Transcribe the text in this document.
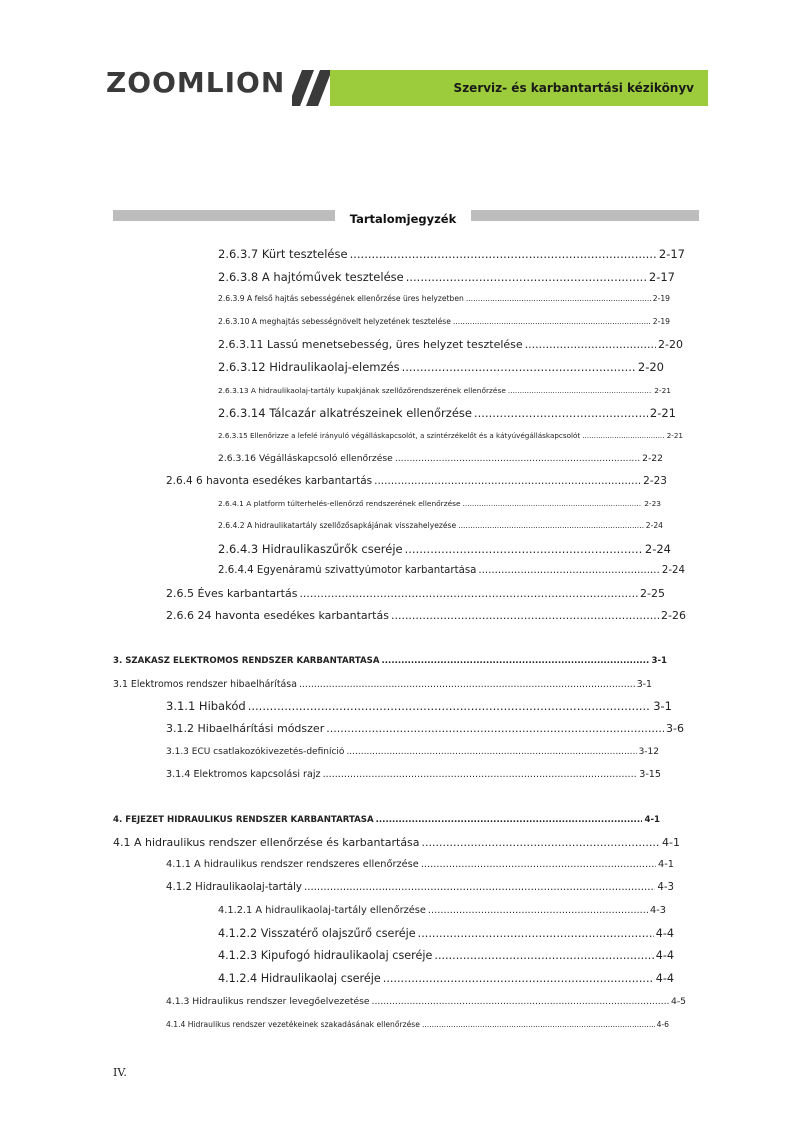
ZOOMLION	Szerviz- és karbantartási kézikönyv
Tartalomjegyzék
2.6.3.7 Kürt tesztelése .....	2-17
2.6.3.8 A hajtóművek tesztelése .....	2-17
2.6.3.9 A felső hajtás sebességének ellenőrzése üres helyzetben .....	2-19
2.6.3.10 A meghajtás sebességnövelt helyzetének tesztelése .....	2-19
2.6.3.11 Lassú menetsebesség, üres helyzet tesztelése .....	2-20
2.6.3.12 Hidraulikaolaj-elemzés .....	2-20
2.6.3.13 A hidraulikaolaj-tartály kupakjának szellőzőrendszerének ellenőrzése .....	2-21
2.6.3.14 Tálcazár alkatrészeinek ellenőrzése .....	2-21
2.6.3.15 Ellenőrizze a lefelé irányuló végálláskapcsolót, a szintérzékelőt és a kátyúvégálláskapcsolót .....	2-21
2.6.3.16 Végálláskapcsoló ellenőrzése .....	2-22
2.6.4 6 havonta esedékes karbantartás .....	2-23
2.6.4.1 A platform túlterhelés-ellenőrző rendszerének ellenőrzése .....	2-23
2.6.4.2 A hidraulikatartály szellőzősapkájának visszahelyezése .....	2-24
2.6.4.3 Hidraulikaszűrők cseréje .....	2-24
2.6.4.4 Egyenáramú szivattyúmotor karbantartása .....	2-24
2.6.5 Éves karbantartás .....	2-25
2.6.6 24 havonta esedékes karbantartás .....	2-26
3. SZAKASZ ELEKTROMOS RENDSZER KARBANTARTÁSA .....	3-1
3.1 Elektromos rendszer hibaelhárítása .....	3-1
3.1.1 Hibakód .....	3-1
3.1.2 Hibaelhárítási módszer .....	3-6
3.1.3 ECU csatlakozókivezetés-definíció .....	3-12
3.1.4 Elektromos kapcsolási rajz .....	3-15
4. FEJEZET HIDRAULIKUS RENDSZER KARBANTARTÁSA .....	4-1
4.1 A hidraulikus rendszer ellenőrzése és karbantartása .....	4-1
4.1.1 A hidraulikus rendszer rendszeres ellenőrzése .....	4-1
4.1.2 Hidraulikaolaj-tartály .....	4-3
4.1.2.1 A hidraulikaolaj-tartály ellenőrzése .....	4-3
4.1.2.2 Visszatérő olajszűrő cseréje .....	4-4
4.1.2.3 Kipufogó hidraulikaolaj cseréje .....	4-4
4.1.2.4 Hidraulikaolaj cseréje .....	4-4
4.1.3 Hidraulikus rendszer levegőelvezetése .....	4-5
4.1.4 Hidraulikus rendszer vezetékeinek szakadásának ellenőrzése .....	4-6
IV.
